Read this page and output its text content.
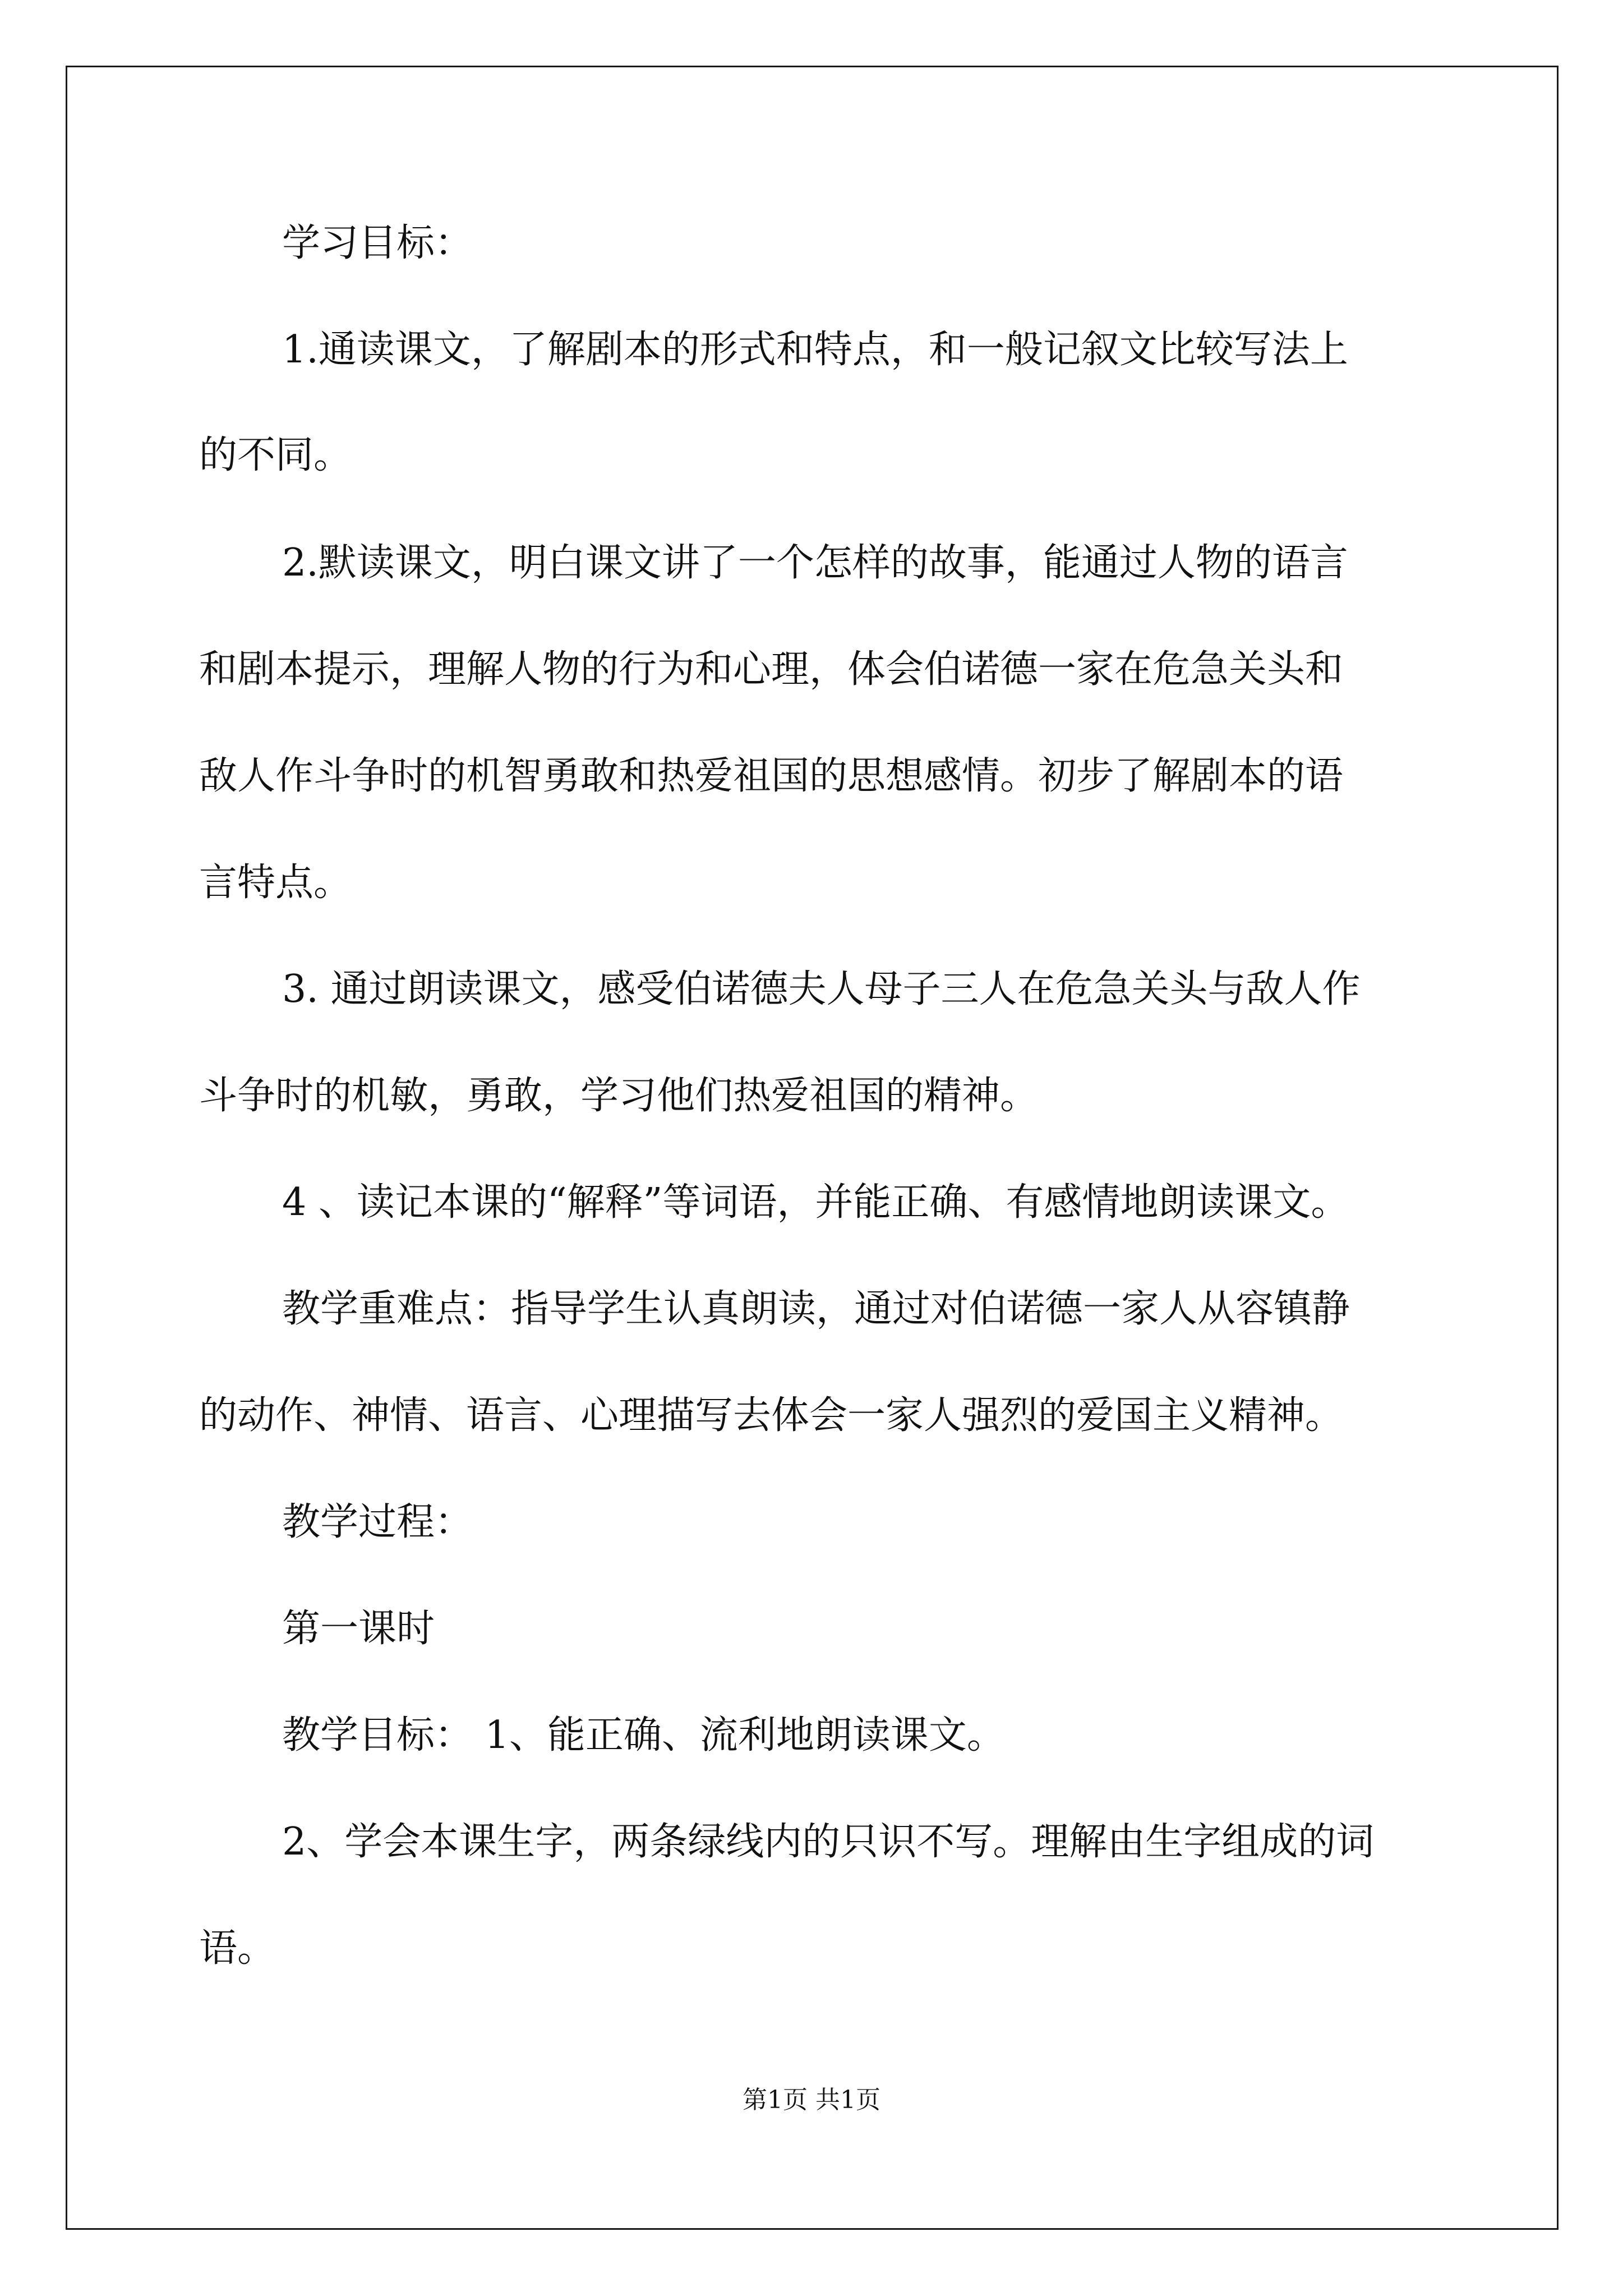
学习目标：
1.通读课文，了解剧本的形式和特点，和一般记叙文比较写法上
的不同。
2.默读课文，明白课文讲了一个怎样的故事，能通过人物的语言
和剧本提示，理解人物的行为和心理，体会伯诺德一家在危急关头和
敌人作斗争时的机智勇敢和热爱祖国的思想感情。初步了解剧本的语
言特点。
3. 通过朗读课文，感受伯诺德夫人母子三人在危急关头与敌人作
斗争时的机敏，勇敢，学习他们热爱祖国的精神。
4 、读记本课的“解释”等词语，并能正确、有感情地朗读课文。
教学重难点：指导学生认真朗读，通过对伯诺德一家人从容镇静
的动作、神情、语言、心理描写去体会一家人强烈的爱国主义精神。
教学过程：
第一课时
教学目标： 1、能正确、流利地朗读课文。
2、学会本课生字，两条绿线内的只识不写。理解由生字组成的词
语。
第1页 共1页
